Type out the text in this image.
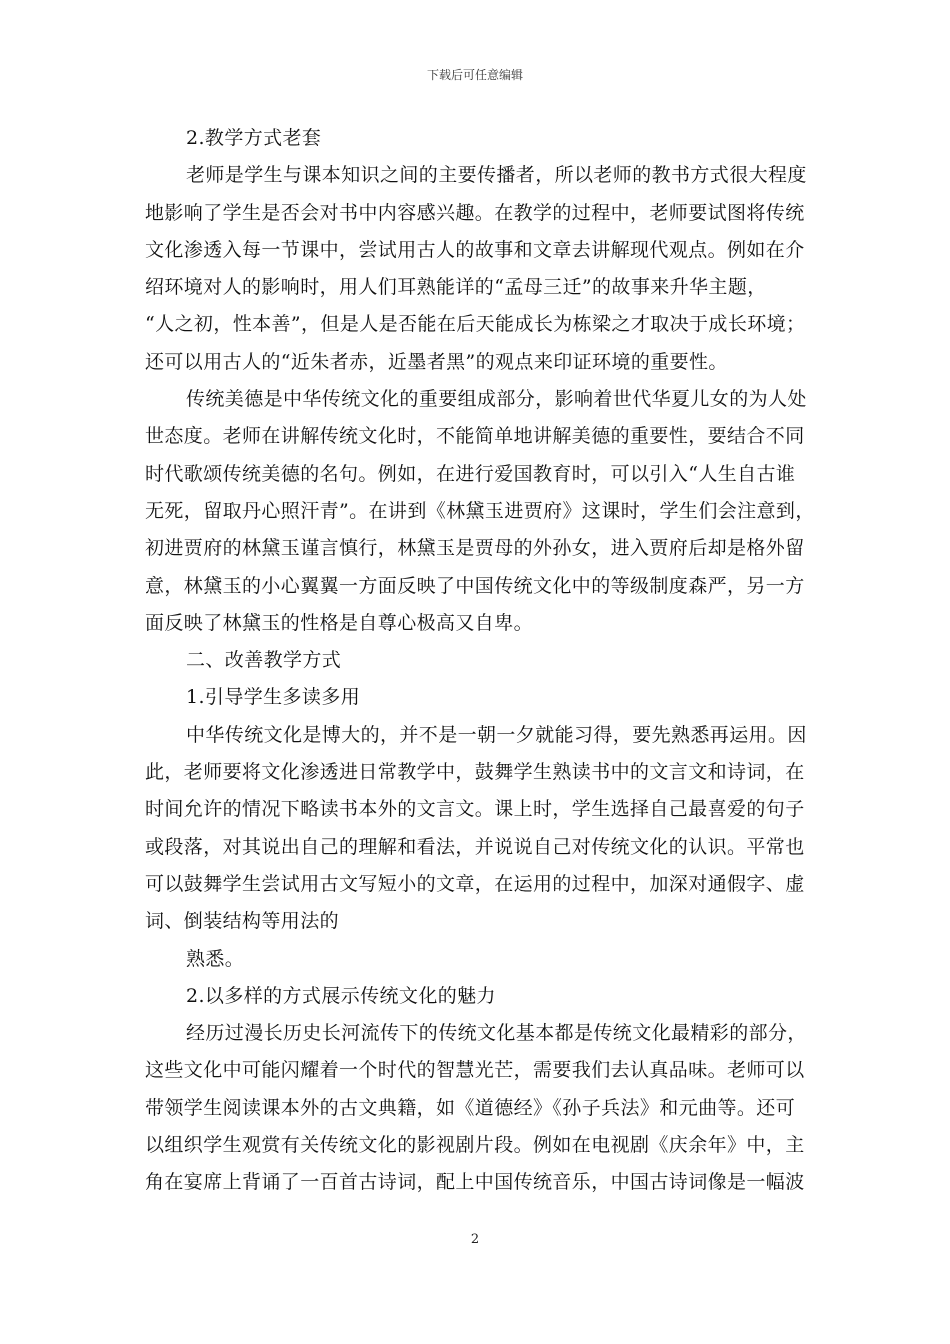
下载后可任意编辑
2.教学方式老套
老师是学生与课本知识之间的主要传播者，所以老师的教书方式很大程度
地影响了学生是否会对书中内容感兴趣。在教学的过程中，老师要试图将传统
文化渗透入每一节课中，尝试用古人的故事和文章去讲解现代观点。例如在介
绍环境对人的影响时，用人们耳熟能详的“孟母三迁”的故事来升华主题，
“人之初，性本善”，但是人是否能在后天能成长为栋梁之才取决于成长环境；
还可以用古人的“近朱者赤，近墨者黑”的观点来印证环境的重要性。
传统美德是中华传统文化的重要组成部分，影响着世代华夏儿女的为人处
世态度。老师在讲解传统文化时，不能简单地讲解美德的重要性，要结合不同
时代歌颂传统美德的名句。例如，在进行爱国教育时，可以引入“人生自古谁
无死，留取丹心照汗青”。在讲到《林黛玉进贾府》这课时，学生们会注意到，
初进贾府的林黛玉谨言慎行，林黛玉是贾母的外孙女，进入贾府后却是格外留
意，林黛玉的小心翼翼一方面反映了中国传统文化中的等级制度森严，另一方
面反映了林黛玉的性格是自尊心极高又自卑。
二、改善教学方式
1.引导学生多读多用
中华传统文化是博大的，并不是一朝一夕就能习得，要先熟悉再运用。因
此，老师要将文化渗透进日常教学中，鼓舞学生熟读书中的文言文和诗词，在
时间允许的情况下略读书本外的文言文。课上时，学生选择自己最喜爱的句子
或段落，对其说出自己的理解和看法，并说说自己对传统文化的认识。平常也
可以鼓舞学生尝试用古文写短小的文章，在运用的过程中，加深对通假字、虚
词、倒装结构等用法的
熟悉。
2.以多样的方式展示传统文化的魅力
经历过漫长历史长河流传下的传统文化基本都是传统文化最精彩的部分，
这些文化中可能闪耀着一个时代的智慧光芒，需要我们去认真品味。老师可以
带领学生阅读课本外的古文典籍，如《道德经》《孙子兵法》和元曲等。还可
以组织学生观赏有关传统文化的影视剧片段。例如在电视剧《庆余年》中，主
角在宴席上背诵了一百首古诗词，配上中国传统音乐，中国古诗词像是一幅波
2
